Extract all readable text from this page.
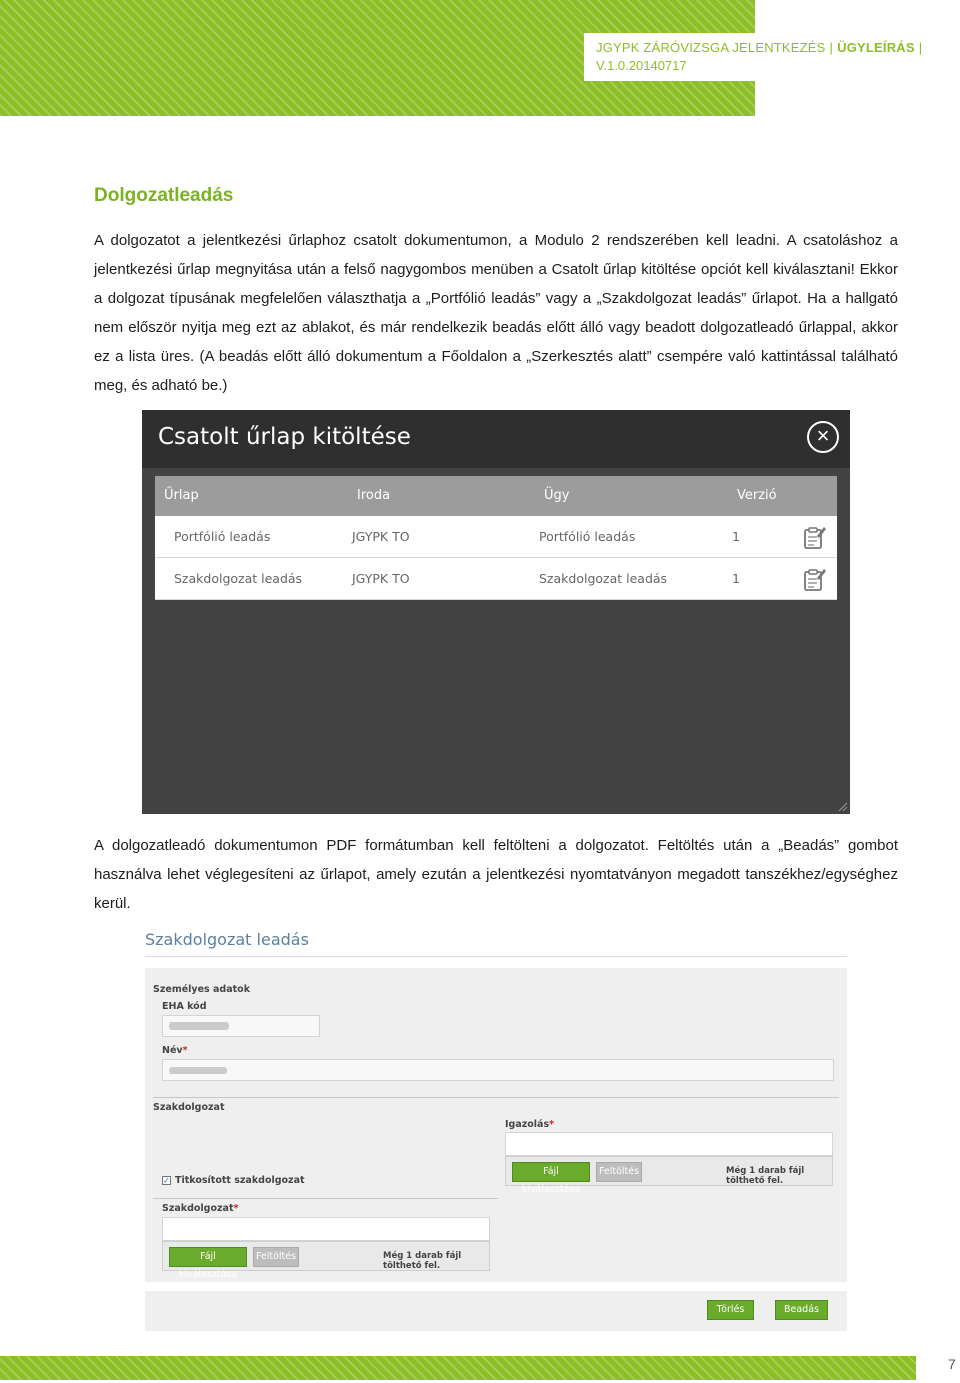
JGYPK ZÁRÓVIZSGA JELENTKEZÉS | ÜGYLEÍRÁS |
V.1.0.20140717
Dolgozatleadás
A dolgozatot a jelentkezési űrlaphoz csatolt dokumentumon, a Modulo 2 rendszerében kell leadni. A csatoláshoz a jelentkezési űrlap megnyitása után a felső nagygombos menüben a Csatolt űrlap kitöltése opciót kell kiválasztani! Ekkor a dolgozat típusának megfelelően választhatja a „Portfólió leadás” vagy a „Szakdolgozat leadás” űrlapot. Ha a hallgató nem először nyitja meg ezt az ablakot, és már rendelkezik beadás előtt álló vagy beadott dolgozatleadó űrlappal, akkor ez a lista üres. (A beadás előtt álló dokumentum a Főoldalon a „Szerkesztés alatt” csempére való kattintással található meg, és adható be.)
Csatolt űrlap kitöltése	×
Űrlap	Iroda	Ügy	Verzió
Portfólió leadás	JGYPK TO	Portfólió leadás	1
Szakdolgozat leadás	JGYPK TO	Szakdolgozat leadás	1
A dolgozatleadó dokumentumon PDF formátumban kell feltölteni a dolgozatot. Feltöltés után a „Beadás” gombot használva lehet véglegesíteni az űrlapot, amely ezután a jelentkezési nyomtatványon megadott tanszékhez/egységhez kerül.
Szakdolgozat leadás
Személyes adatok
EHA kód
Név*
Szakdolgozat
✓ Titkosított szakdolgozat
Igazolás*
Fájl kiválasztása
Feltöltés	Még 1 darab fájl tölthető fel.
Szakdolgozat*
Fájl kiválasztása
Feltöltés	Még 1 darab fájl tölthető fel.
Törlés	Beadás
7
